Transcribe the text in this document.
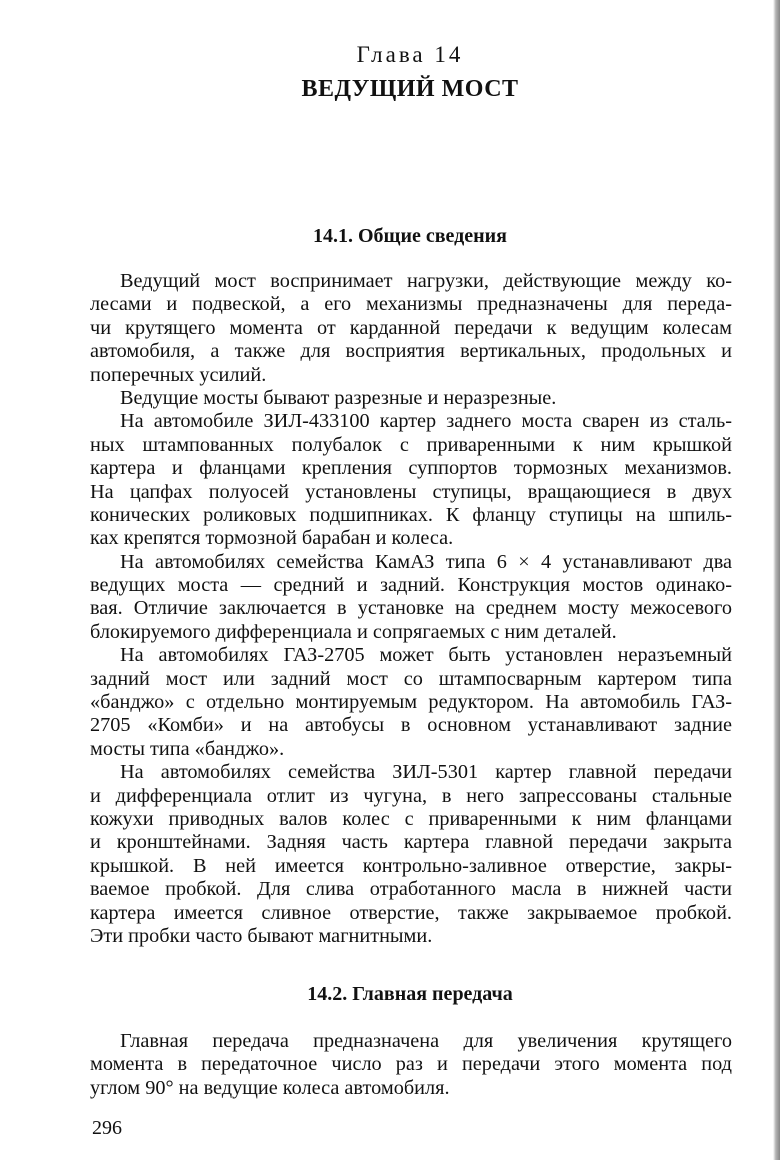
Глава 14
ВЕДУЩИЙ МОСТ
14.1. Общие сведения
Ведущий мост воспринимает нагрузки, действующие между ко-
лесами и подвеской, а его механизмы предназначены для переда-
чи крутящего момента от карданной передачи к ведущим колесам
автомобиля, а также для восприятия вертикальных, продольных и
поперечных усилий.
Ведущие мосты бывают разрезные и неразрезные.
На автомобиле ЗИЛ-433100 картер заднего моста сварен из сталь-
ных штампованных полубалок с приваренными к ним крышкой
картера и фланцами крепления суппортов тормозных механизмов.
На цапфах полуосей установлены ступицы, вращающиеся в двух
конических роликовых подшипниках. К фланцу ступицы на шпиль-
ках крепятся тормозной барабан и колеса.
На автомобилях семейства КамАЗ типа 6 × 4 устанавливают два
ведущих моста — средний и задний. Конструкция мостов одинако-
вая. Отличие заключается в установке на среднем мосту межосевого
блокируемого дифференциала и сопрягаемых с ним деталей.
На автомобилях ГАЗ-2705 может быть установлен неразъемный
задний мост или задний мост со штампосварным картером типа
«банджо» с отдельно монтируемым редуктором. На автомобиль ГАЗ-
2705 «Комби» и на автобусы в основном устанавливают задние
мосты типа «банджо».
На автомобилях семейства ЗИЛ-5301 картер главной передачи
и дифференциала отлит из чугуна, в него запрессованы стальные
кожухи приводных валов колес с приваренными к ним фланцами
и кронштейнами. Задняя часть картера главной передачи закрыта
крышкой. В ней имеется контрольно-заливное отверстие, закры-
ваемое пробкой. Для слива отработанного масла в нижней части
картера имеется сливное отверстие, также закрываемое пробкой.
Эти пробки часто бывают магнитными.
14.2. Главная передача
Главная передача предназначена для увеличения крутящего
момента в передаточное число раз и передачи этого момента под
углом 90° на ведущие колеса автомобиля.
296
